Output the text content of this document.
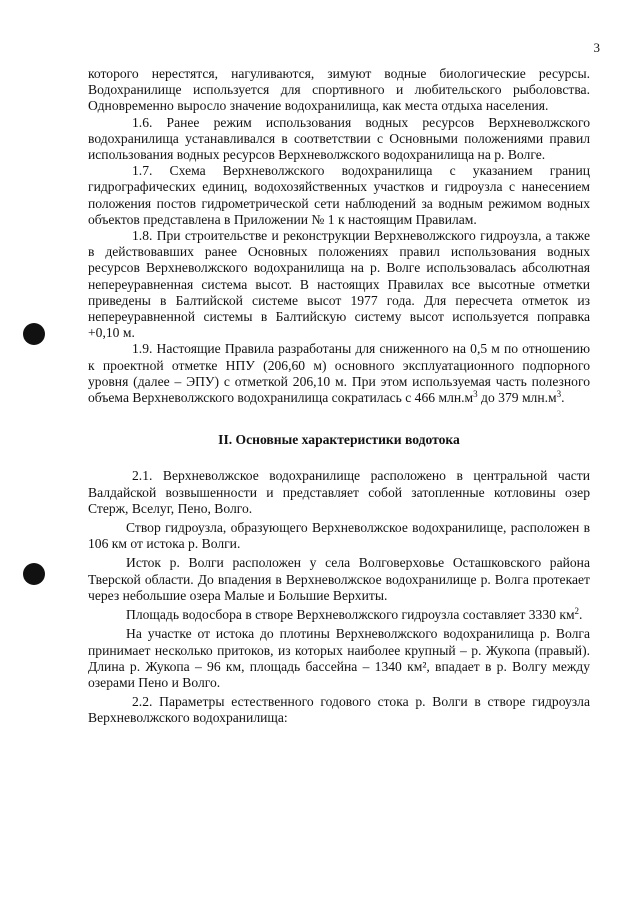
3

которого нерестятся, нагуливаются, зимуют водные биологические ресурсы. Водохранилище используется для спортивного и любительского рыболовства. Одновременно выросло значение водохранилища, как места отдыха населения.

1.6. Ранее режим использования водных ресурсов Верхневолжского водохранилища устанавливался в соответствии с Основными положениями правил использования водных ресурсов Верхневолжского водохранилища на р. Волге.

1.7. Схема Верхневолжского водохранилища с указанием границ гидрографических единиц, водохозяйственных участков и гидроузла с нанесением положения постов гидрометрической сети наблюдений за водным режимом водных объектов представлена в Приложении № 1 к настоящим Правилам.

1.8. При строительстве и реконструкции Верхневолжского гидроузла, а также в действовавших ранее Основных положениях правил использования водных ресурсов Верхневолжского водохранилища на р. Волге использовалась абсолютная непереуравненная система высот. В настоящих Правилах все высотные отметки приведены в Балтийской системе высот 1977 года. Для пересчета отметок из непереуравненной системы в Балтийскую систему высот используется поправка +0,10 м.

1.9. Настоящие Правила разработаны для сниженного на 0,5 м по отношению к проектной отметке НПУ (206,60 м) основного эксплуатационного подпорного уровня (далее – ЭПУ) с отметкой 206,10 м. При этом используемая часть полезного объема Верхневолжского водохранилища сократилась с 466 $млн.м^3$ до 379 $млн.м^3$.

II. Основные характеристики водотока

2.1. Верхневолжское водохранилище расположено в центральной части Валдайской возвышенности и представляет собой затопленные котловины озер Стерж, Вселуг, Пено, Волго.

Створ гидроузла, образующего Верхневолжское водохранилище, расположен в 106 км от истока р. Волги.

Исток р. Волги расположен у села Волговерховье Осташковского района Тверской области. До впадения в Верхневолжское водохранилище р. Волга протекает через небольшие озера Малые и Большие Верхиты.

Площадь водосбора в створе Верхневолжского гидроузла составляет 3330 $км^2$.

На участке от истока до плотины Верхневолжского водохранилища р. Волга принимает несколько притоков, из которых наиболее крупный – р. Жукопа (правый). Длина р. Жукопа – 96 км, площадь бассейна – 1340 км², впадает в р. Волгу между озерами Пено и Волго.

2.2. Параметры естественного годового стока р. Волги в створе гидроузла Верхневолжского водохранилища:
